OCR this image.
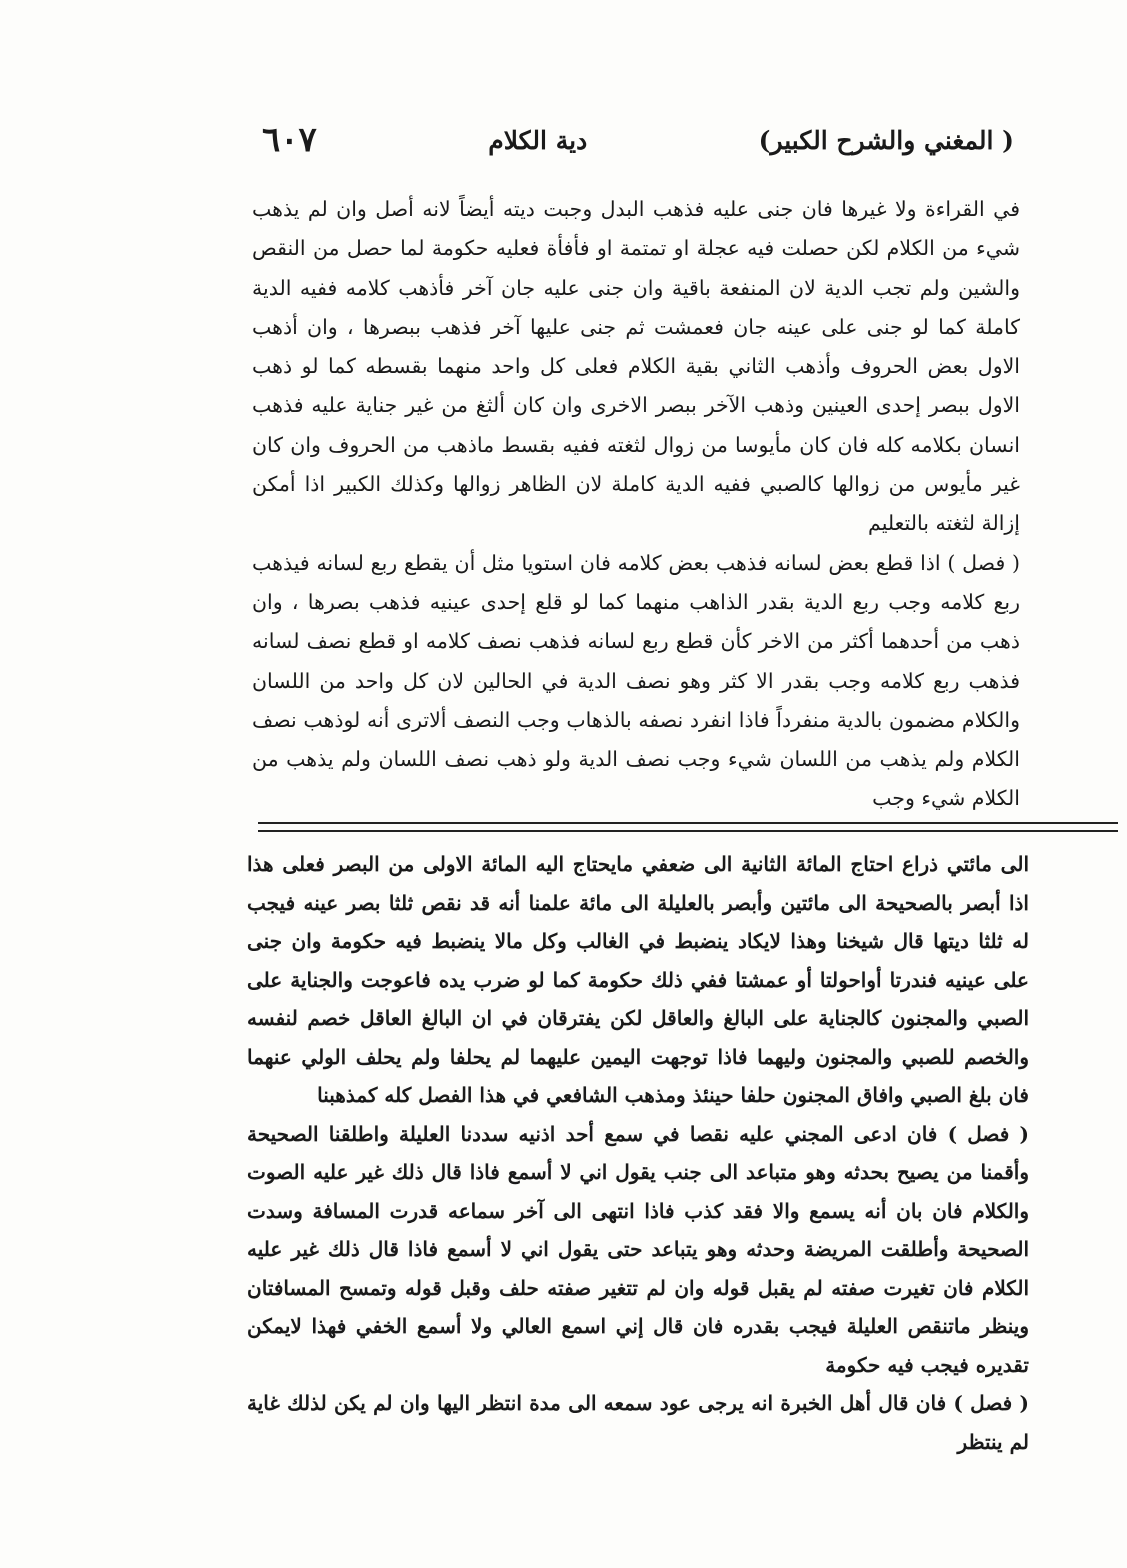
( المغني والشرح الكبير)
دية الكلام
٦٠٧

في القراءة ولا غيرها فان جنى عليه فذهب البدل وجبت ديته أيضاً لانه أصل وان لم يذهب شيء من الكلام لكن حصلت فيه عجلة او تمتمة او فأفأة فعليه حكومة لما حصل من النقص والشين ولم تجب الدية لان المنفعة باقية وان جنى عليه جان آخر فأذهب كلامه ففيه الدية كاملة كما لو جنى على عينه جان فعمشت ثم جنى عليها آخر فذهب ببصرها ، وان أذهب الاول بعض الحروف وأذهب الثاني بقية الكلام فعلى كل واحد منهما بقسطه كما لو ذهب الاول ببصر إحدى العينين وذهب الآخر ببصر الاخرى وان كان ألثغ من غير جناية عليه فذهب انسان بكلامه كله فان كان مأيوسا من زوال لثغته ففيه بقسط ماذهب من الحروف وان كان غير مأيوس من زوالها كالصبي ففيه الدية كاملة لان الظاهر زوالها وكذلك الكبير اذا أمكن إزالة لثغته بالتعليم

( فصل ) اذا قطع بعض لسانه فذهب بعض كلامه فان استويا مثل أن يقطع ربع لسانه فيذهب ربع كلامه وجب ربع الدية بقدر الذاهب منهما كما لو قلع إحدى عينيه فذهب بصرها ، وان ذهب من أحدهما أكثر من الاخر كأن قطع ربع لسانه فذهب نصف كلامه او قطع نصف لسانه فذهب ربع كلامه وجب بقدر الا كثر وهو نصف الدية في الحالين لان كل واحد من اللسان والكلام مضمون بالدية منفرداً فاذا انفرد نصفه بالذهاب وجب النصف ألاترى أنه لوذهب نصف الكلام ولم يذهب من اللسان شيء وجب نصف الدية ولو ذهب نصف اللسان ولم يذهب من الكلام شيء وجب

الى مائتي ذراع احتاج المائة الثانية الى ضعفي مايحتاج اليه المائة الاولى من البصر فعلى هذا اذا أبصر بالصحيحة الى مائتين وأبصر بالعليلة الى مائة علمنا أنه قد نقص ثلثا بصر عينه فيجب له ثلثا ديتها قال شيخنا وهذا لايكاد ينضبط في الغالب وكل مالا ينضبط فيه حكومة وان جنى على عينيه فندرتا أواحولتا أو عمشتا ففي ذلك حكومة كما لو ضرب يده فاعوجت والجناية على الصبي والمجنون كالجناية على البالغ والعاقل لكن يفترقان في ان البالغ العاقل خصم لنفسه والخصم للصبي والمجنون وليهما فاذا توجهت اليمين عليهما لم يحلفا ولم يحلف الولي عنهما فان بلغ الصبي وافاق المجنون حلفا حينئذ ومذهب الشافعي في هذا الفصل كله كمذهبنا

( فصل ) فان ادعى المجني عليه نقصا في سمع أحد اذنيه سددنا العليلة واطلقنا الصحيحة وأقمنا من يصيح بحدثه وهو متباعد الى جنب يقول اني لا أسمع فاذا قال ذلك غير عليه الصوت والكلام فان بان أنه يسمع والا فقد كذب فاذا انتهى الى آخر سماعه قدرت المسافة وسدت الصحيحة وأطلقت المريضة وحدثه وهو يتباعد حتى يقول اني لا أسمع فاذا قال ذلك غير عليه الكلام فان تغيرت صفته لم يقبل قوله وان لم تتغير صفته حلف وقبل قوله وتمسح المسافتان وينظر ماتنقص العليلة فيجب بقدره فان قال إني اسمع العالي ولا أسمع الخفي فهذا لايمكن تقديره فيجب فيه حكومة

( فصل ) فان قال أهل الخبرة انه يرجى عود سمعه الى مدة انتظر اليها وان لم يكن لذلك غاية لم ينتظر
